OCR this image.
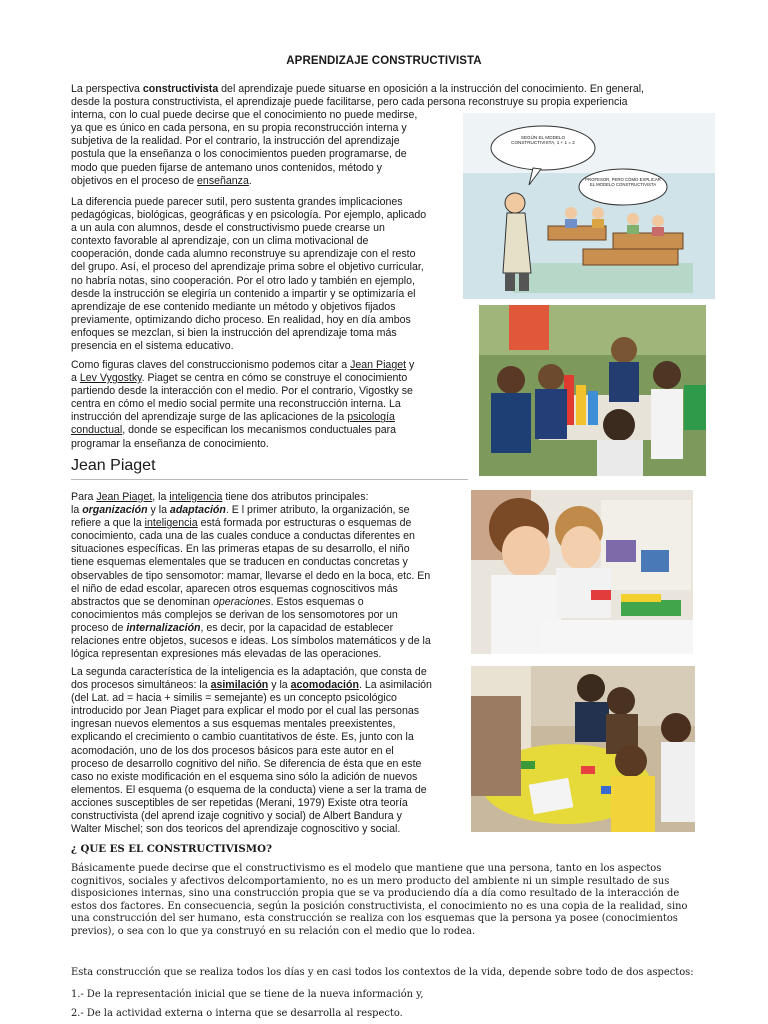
APRENDIZAJE CONSTRUCTIVISTA
La perspectiva constructivista del aprendizaje puede situarse en oposición a la instrucción del conocimiento. En general,
desde la postura constructivista, el aprendizaje puede facilitarse, pero cada persona reconstruye su propia experiencia
interna, con lo cual puede decirse que el conocimiento no puede medirse,
ya que es único en cada persona, en su propia reconstrucción interna y
subjetiva de la realidad. Por el contrario, la instrucción del aprendizaje
postula que la enseñanza o los conocimientos pueden programarse, de
modo que pueden fijarse de antemano unos contenidos, método y
objetivos en el proceso de enseñanza.
La diferencia puede parecer sutil, pero sustenta grandes implicaciones
pedagógicas, biológicas, geográficas y en psicología. Por ejemplo, aplicado
a un aula con alumnos, desde el constructivismo puede crearse un
contexto favorable al aprendizaje, con un clima motivacional de
cooperación, donde cada alumno reconstruye su aprendizaje con el resto
del grupo. Así, el proceso del aprendizaje prima sobre el objetivo curricular,
no habría notas, sino cooperación. Por el otro lado y también en ejemplo,
desde la instrucción se elegiría un contenido a impartir y se optimizaría el
aprendizaje de ese contenido mediante un método y objetivos fijados
previamente, optimizando dicho proceso. En realidad, hoy en día ambos
enfoques se mezclan, si bien la instrucción del aprendizaje toma más
presencia en el sistema educativo.
Como figuras claves del construccionismo podemos citar a Jean Piaget y
a Lev Vygostky. Piaget se centra en cómo se construye el conocimiento
partiendo desde la interacción con el medio. Por el contrario, Vigostky se
centra en cómo el medio social permite una reconstrucción interna. La
instrucción del aprendizaje surge de las aplicaciones de la psicología
conductual, donde se especifican los mecanismos conductuales para
programar la enseñanza de conocimiento.
Jean Piaget
Para Jean Piaget, la inteligencia tiene dos atributos principales:
la organización y la adaptación. E l primer atributo, la organización, se
refiere a que la inteligencia está formada por estructuras o esquemas de
conocimiento, cada una de las cuales conduce a conductas diferentes en
situaciones específicas. En las primeras etapas de su desarrollo, el niño
tiene esquemas elementales que se traducen en conductas concretas y
observables de tipo sensomotor: mamar, llevarse el dedo en la boca, etc. En
el niño de edad escolar, aparecen otros esquemas cognoscitivos más
abstractos que se denominan operaciones. Estos esquemas o
conocimientos más complejos se derivan de los sensomotores por un
proceso de internalización, es decir, por la capacidad de establecer
relaciones entre objetos, sucesos e ideas. Los símbolos matemáticos y de la
lógica representan expresiones más elevadas de las operaciones.
La segunda característica de la inteligencia es la adaptación, que consta de
dos procesos simultáneos: la asimilación y la acomodación. La asimilación
(del Lat. ad = hacia + similis = semejante) es un concepto psicológico
introducido por Jean Piaget para explicar el modo por el cual las personas
ingresan nuevos elementos a sus esquemas mentales preexistentes,
explicando el crecimiento o cambio cuantitativos de éste. Es, junto con la
acomodación, uno de los dos procesos básicos para este autor en el
proceso de desarrollo cognitivo del niño. Se diferencia de ésta que en este
caso no existe modificación en el esquema sino sólo la adición de nuevos
elementos. El esquema (o esquema de la conducta) viene a ser la trama de
acciones susceptibles de ser repetidas (Merani, 1979) Existe otra teoría
constructivista (del aprend izaje cognitivo y social) de Albert Bandura y
Walter Mischel; son dos teoricos del aprendizaje cognoscitivo y social.
¿ QUE ES EL CONSTRUCTIVISMO?
Básicamente puede decirse que el constructivismo es el modelo que mantiene que una persona, tanto en los aspectos
cognitivos, sociales y afectivos delcomportamiento, no es un mero producto del ambiente ni un simple resultado de sus
disposiciones internas, sino una construcción propia que se va produciendo día a día como resultado de la interacción de
estos dos factores. En consecuencia, según la posición constructivista, el conocimiento no es una copia de la realidad, sino
una construcción del ser humano, esta construcción se realiza con los esquemas que la persona ya posee (conocimientos
previos), o sea con lo que ya construyó en su relación con el medio que lo rodea.
Esta construcción que se realiza todos los días y en casi todos los contextos de la vida, depende sobre todo de dos aspectos:
1.- De la representación inicial que se tiene de la nueva información y,
2.- De la actividad externa o interna que se desarrolla al respecto.
SEGÚN EL MODELO CONSTRUCTIVISTA, 1 + 1 = 2
PROFESOR, PERO CÓMO EXPLICAR EL MODELO CONSTRUCTIVISTA
